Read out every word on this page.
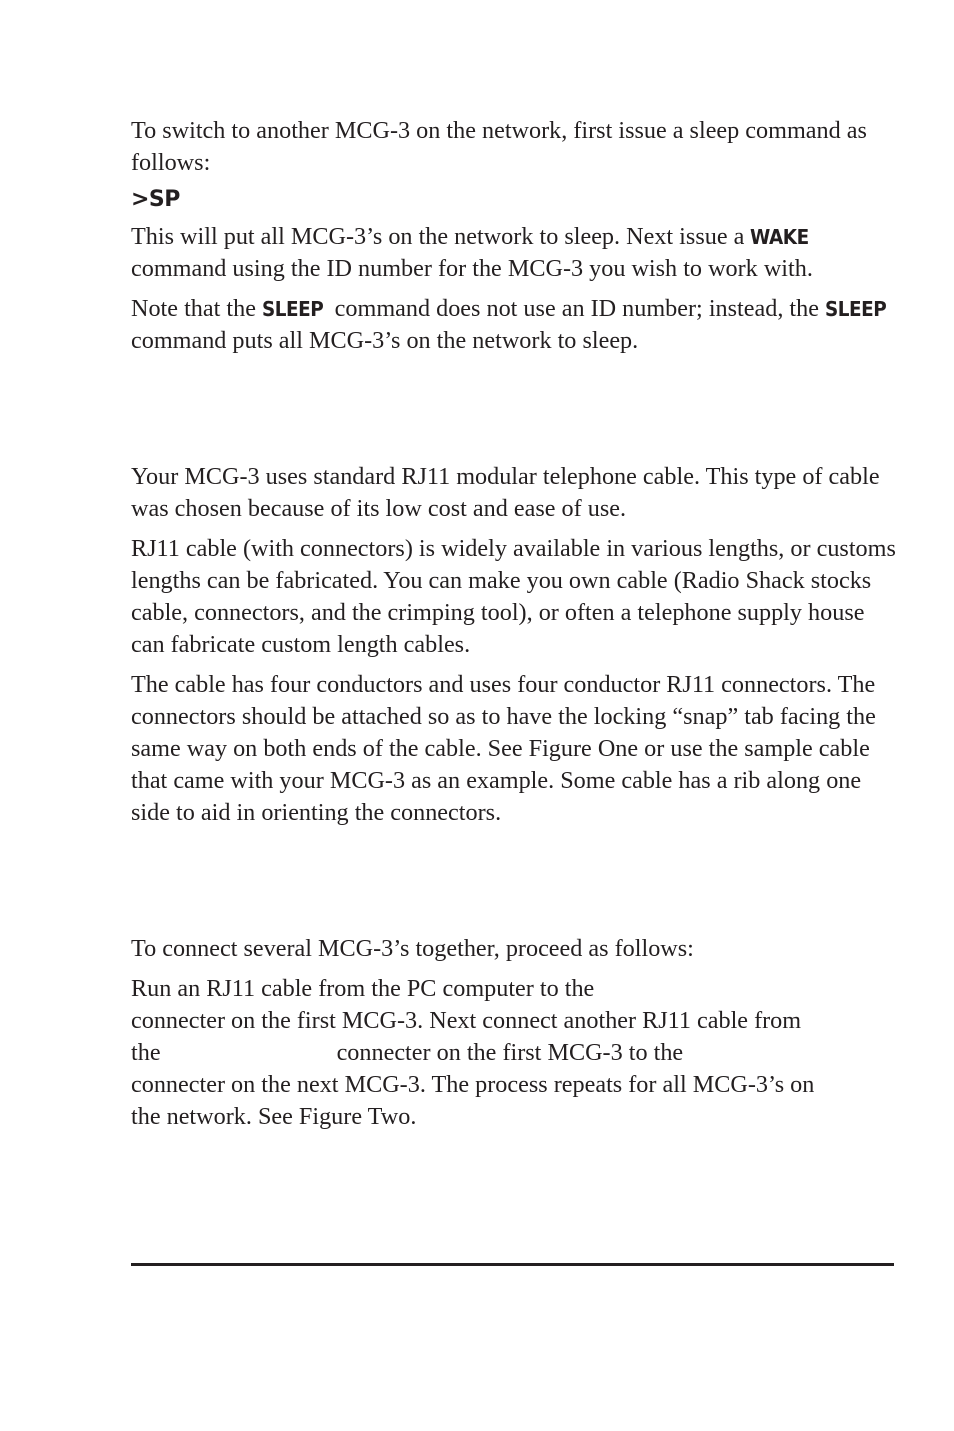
To switch to another MCG-3 on the network, first issue a sleep command as follows:

>SP

This will put all MCG-3’s on the network to sleep. Next issue a WAKE command using the ID number for the MCG-3 you wish to work with.

Note that the SLEEP command does not use an ID number; instead, the SLEEP command puts all MCG-3’s on the network to sleep.

Your MCG-3 uses standard RJ11 modular telephone cable. This type of cable was chosen because of its low cost and ease of use.

RJ11 cable (with connectors) is widely available in various lengths, or customs lengths can be fabricated. You can make you own cable (Radio Shack stocks cable, connectors, and the crimping tool), or often a telephone supply house can fabricate custom length cables.

The cable has four conductors and uses four conductor RJ11 connectors. The connectors should be attached so as to have the locking “snap” tab facing the same way on both ends of the cable. See Figure One or use the sample cable that came with your MCG-3 as an example. Some cable has a rib along one side to aid in orienting the connectors.

To connect several MCG-3’s together, proceed as follows:

Run an RJ11 cable from the PC computer to the

connecter on the first MCG-3. Next connect another RJ11 cable from

the	connecter on the first MCG-3 to the

connecter on the next MCG-3. The process repeats for all MCG-3’s on

the network. See Figure Two.
